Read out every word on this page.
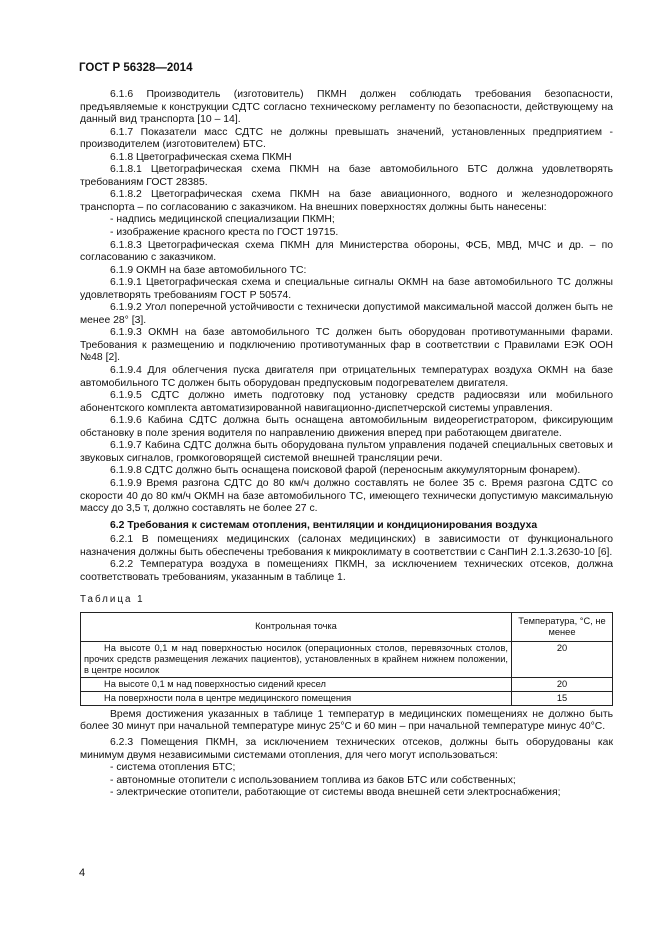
ГОСТ Р 56328—2014

6.1.6 Производитель (изготовитель) ПКМН должен соблюдать требования безопасности, предъявляемые к конструкции СДТС согласно техническому регламенту по безопасности, действующему на данный вид транспорта [10 – 14].

6.1.7 Показатели масс СДТС не должны превышать значений, установленных предприятием - производителем (изготовителем) БТС.

6.1.8 Цветографическая схема ПКМН

6.1.8.1 Цветографическая схема ПКМН на базе автомобильного БТС должна удовлетворять требованиям ГОСТ 28385.

6.1.8.2 Цветографическая схема ПКМН на базе авиационного, водного и железнодорожного транспорта – по согласованию с заказчиком. На внешних поверхностях должны быть нанесены:

- надпись медицинской специализации ПКМН;

- изображение красного креста по ГОСТ 19715.

6.1.8.3 Цветографическая схема ПКМН для Министерства обороны, ФСБ, МВД, МЧС и др. – по согласованию с заказчиком.

6.1.9 ОКМН на базе автомобильного ТС:

6.1.9.1 Цветографическая схема и специальные сигналы ОКМН на базе автомобильного ТС должны удовлетворять требованиям ГОСТ Р 50574.

6.1.9.2 Угол поперечной устойчивости с технически допустимой максимальной массой должен быть не менее 28° [3].

6.1.9.3 ОКМН на базе автомобильного ТС должен быть оборудован противотуманными фарами. Требования к размещению и подключению противотуманных фар в соответствии с Правилами ЕЭК ООН №48 [2].

6.1.9.4 Для облегчения пуска двигателя при отрицательных температурах воздуха ОКМН на базе автомобильного ТС должен быть оборудован предпусковым подогревателем двигателя.

6.1.9.5 СДТС должно иметь подготовку под установку средств радиосвязи или мобильного абонентского комплекта автоматизированной навигационно-диспетчерской системы управления.

6.1.9.6 Кабина СДТС должна быть оснащена автомобильным видеорегистратором, фиксирующим обстановку в поле зрения водителя по направлению движения вперед при работающем двигателе.

6.1.9.7 Кабина СДТС должна быть оборудована пультом управления подачей специальных световых и звуковых сигналов, громкоговорящей системой внешней трансляции речи.

6.1.9.8 СДТС должно быть оснащена поисковой фарой (переносным аккумуляторным фонарем).

6.1.9.9 Время разгона СДТС до 80 км/ч должно составлять не более 35 с. Время разгона СДТС со скорости 40 до 80 км/ч ОКМН на базе автомобильного ТС, имеющего технически допустимую максимальную массу до 3,5 т, должно составлять не более 27 с.

6.2 Требования к системам отопления, вентиляции и кондиционирования воздуха

6.2.1 В помещениях медицинских (салонах медицинских) в зависимости от функционального назначения должны быть обеспечены требования к микроклимату в соответствии с СанПиН 2.1.3.2630-10 [6].

6.2.2 Температура воздуха в помещениях ПКМН, за исключением технических отсеков, должна соответствовать требованиям, указанным в таблице 1.

Таблица 1

Контрольная точка	Температура, °С, не менее
На высоте 0,1 м над поверхностью носилок (операционных столов, перевязочных столов, прочих средств размещения лежачих пациентов), установленных в крайнем нижнем положении, в центре носилок	20
На высоте 0,1 м над поверхностью сидений кресел	20
На поверхности пола в центре медицинского помещения	15

Время достижения указанных в таблице 1 температур в медицинских помещениях не должно быть более 30 минут при начальной температуре минус 25°С и 60 мин – при начальной температуре минус 40°С.

6.2.3 Помещения ПКМН, за исключением технических отсеков, должны быть оборудованы как минимум двумя независимыми системами отопления, для чего могут использоваться:

- система отопления БТС;

- автономные отопители с использованием топлива из баков БТС или собственных;

- электрические отопители, работающие от системы ввода внешней сети электроснабжения;

4
